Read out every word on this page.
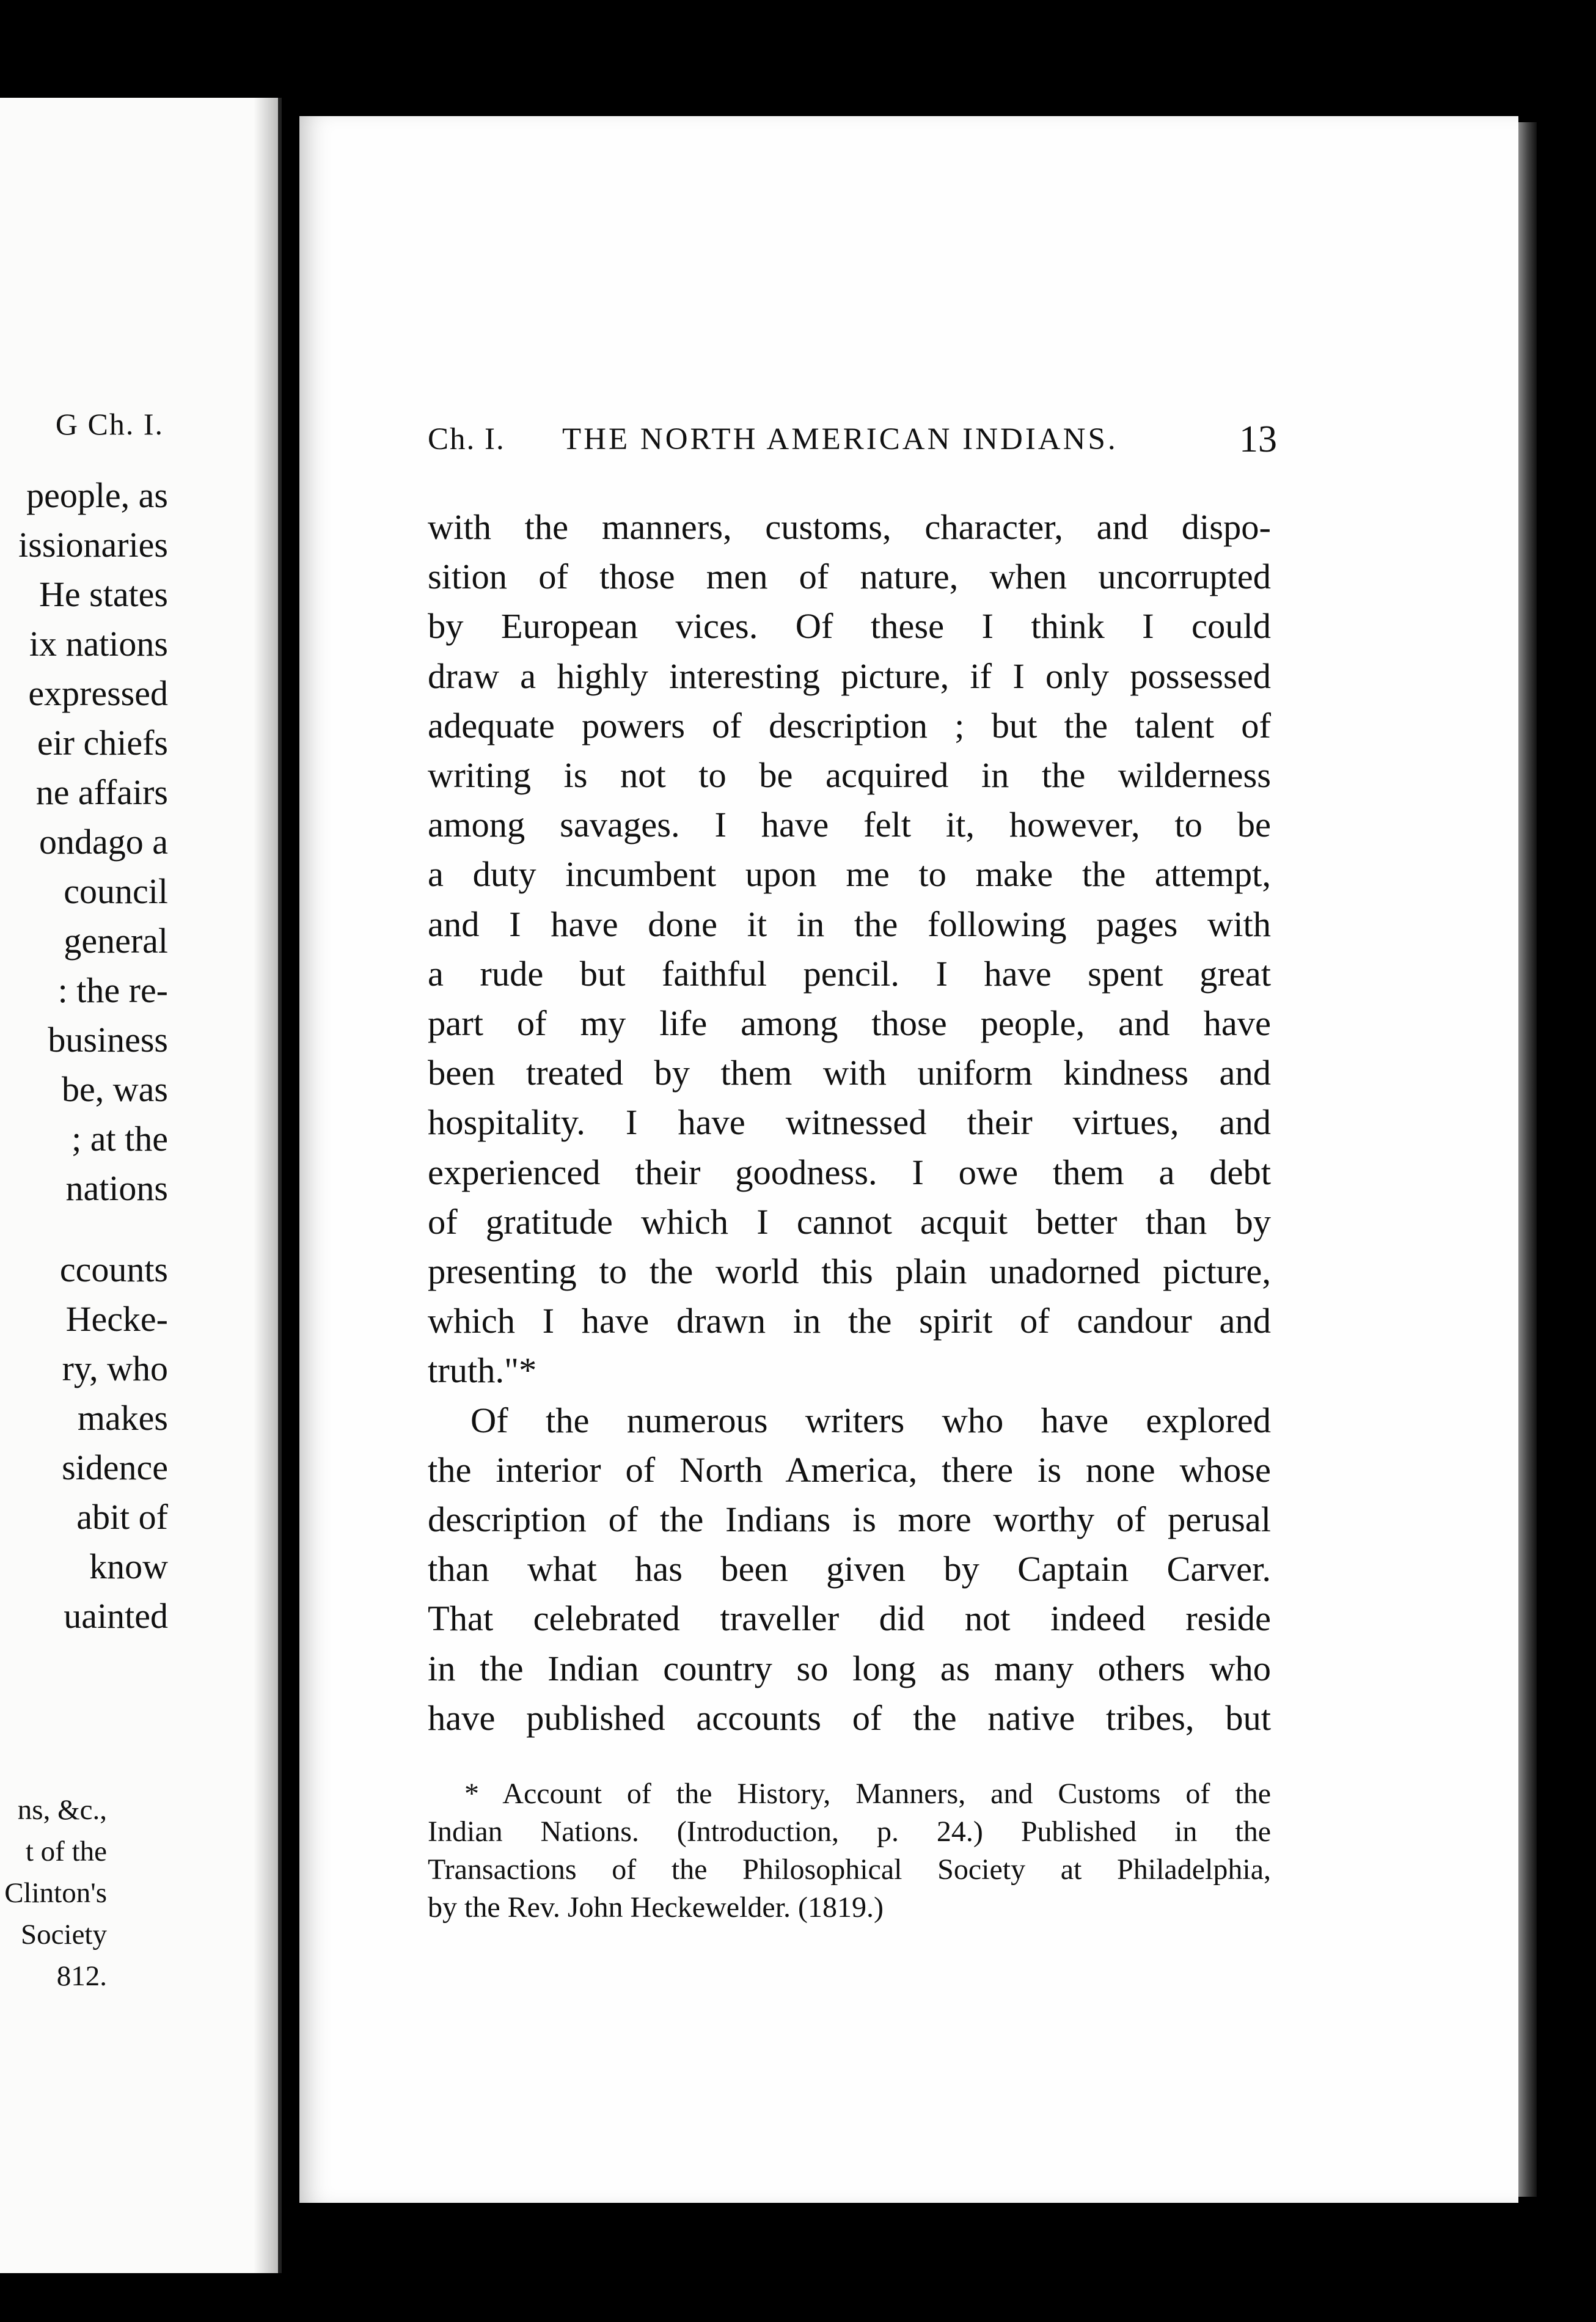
G Ch. I.
people, as
issionaries
He states
ix nations
expressed
eir chiefs
ne affairs
ondago a
council
general
: the re-
business
be, was
; at the
nations
ccounts
Hecke-
ry, who
makes
sidence
abit of
know
uainted
ns, &c.,
t of the
Clinton's
Society
812.
Ch. I. THE NORTH AMERICAN INDIANS.	13
with the manners, customs, character, and dispo-
sition of those men of nature, when uncorrupted
by European vices. Of these I think I could
draw a highly interesting picture, if I only possessed
adequate powers of description ; but the talent of
writing is not to be acquired in the wilderness
among savages. I have felt it, however, to be
a duty incumbent upon me to make the attempt,
and I have done it in the following pages with
a rude but faithful pencil. I have spent great
part of my life among those people, and have
been treated by them with uniform kindness and
hospitality. I have witnessed their virtues, and
experienced their goodness. I owe them a debt
of gratitude which I cannot acquit better than by
presenting to the world this plain unadorned picture,
which I have drawn in the spirit of candour and
truth."*
Of the numerous writers who have explored
the interior of North America, there is none whose
description of the Indians is more worthy of perusal
than what has been given by Captain Carver.
That celebrated traveller did not indeed reside
in the Indian country so long as many others who
have published accounts of the native tribes, but
* Account of the History, Manners, and Customs of the
Indian Nations. (Introduction, p. 24.) Published in the
Transactions of the Philosophical Society at Philadelphia,
by the Rev. John Heckewelder. (1819.)
